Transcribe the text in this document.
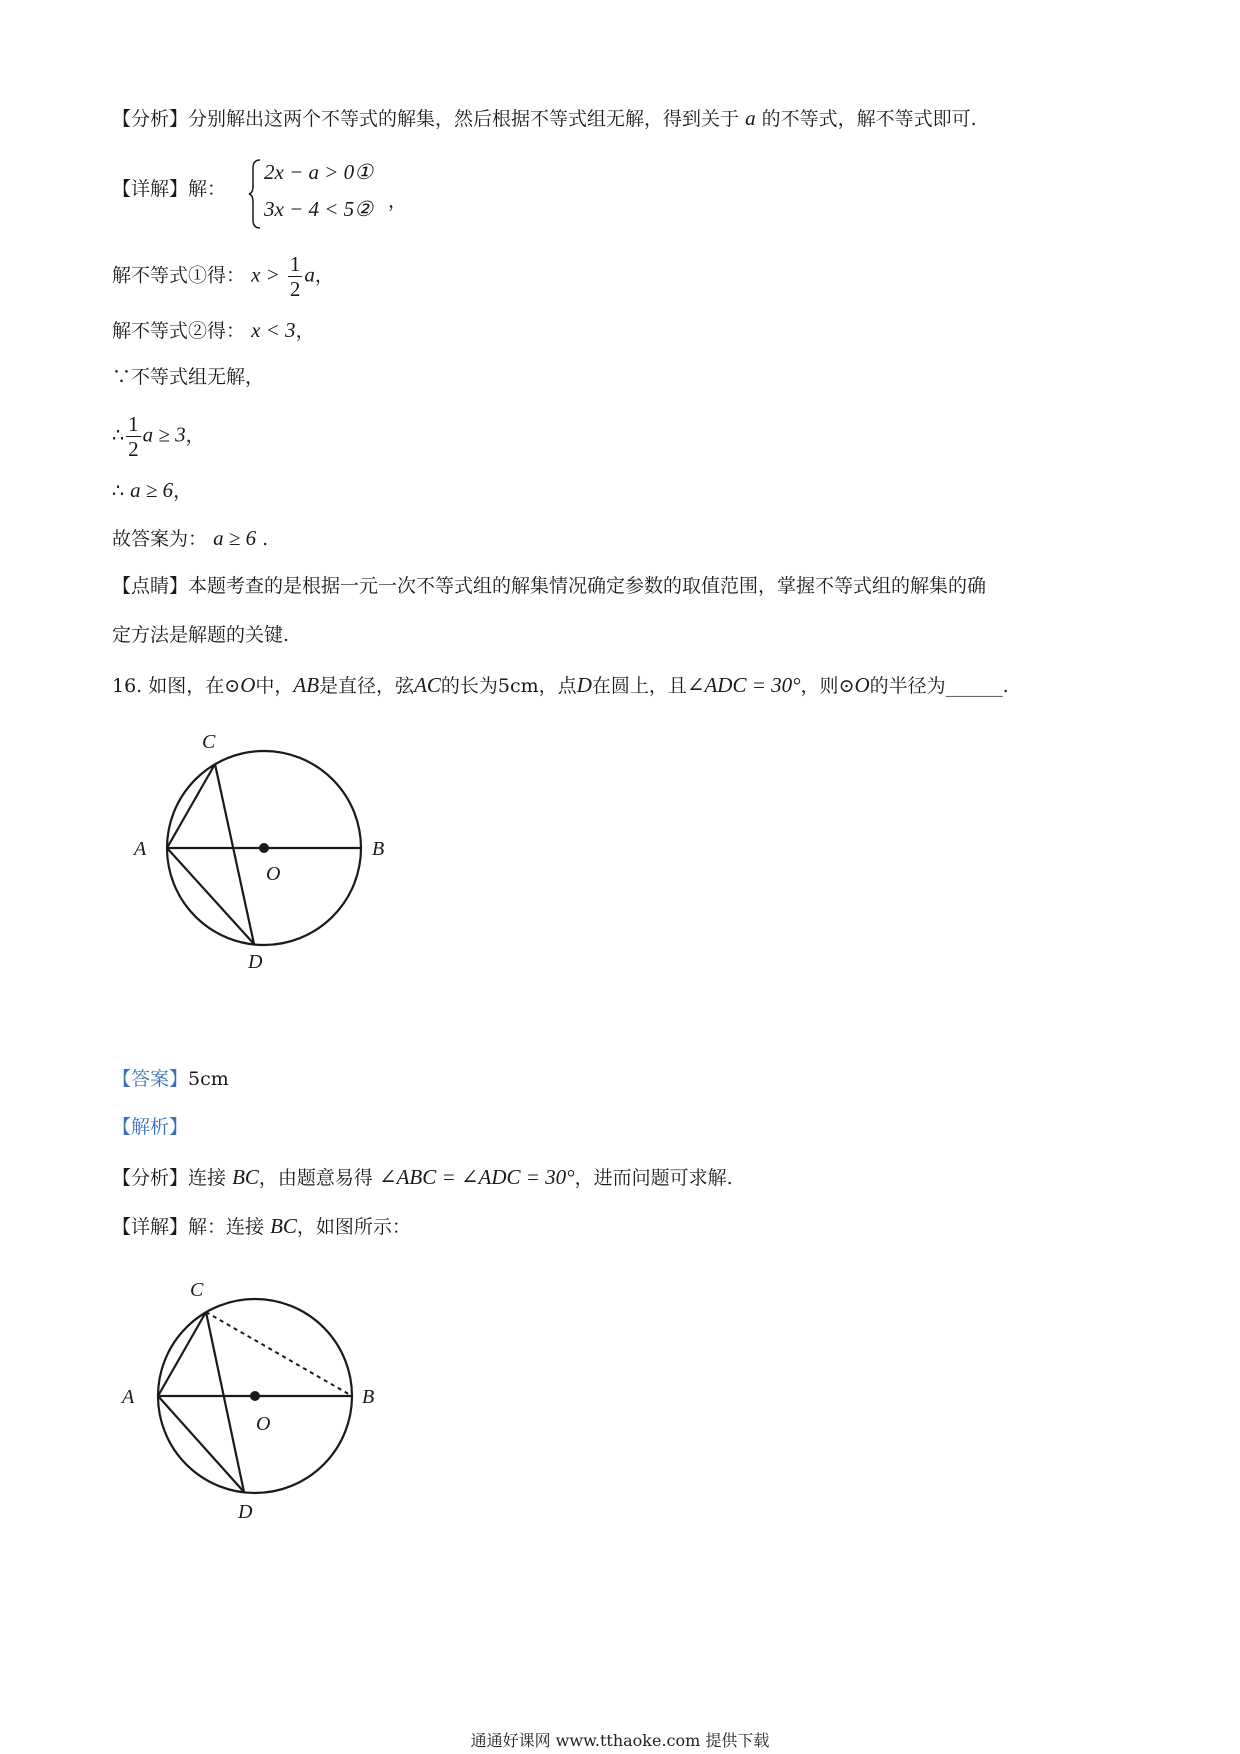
【分析】分别解出这两个不等式的解集，然后根据不等式组无解，得到关于 a 的不等式，解不等式即可.
【详解】解：
2x − a > 0①
3x − 4 < 5② ，
解不等式①得： $x > \frac{1}{2}$ a，
解不等式②得： x < 3，
∵不等式组无解，
∴ $\frac{1}{2}$ a ≥ 3，
∴ a ≥ 6，
故答案为： a ≥ 6 .
【点睛】本题考查的是根据一元一次不等式组的解集情况确定参数的取值范围，掌握不等式组的解集的确
定方法是解题的关键.
16. 如图，在⊙O中，AB是直径，弦AC的长为5cm，点D在圆上，且∠ADC = 30°，则⊙O的半径为______.
C
A	B
O
D
【答案】5cm
【解析】
【分析】连接 BC，由题意易得 ∠ABC = ∠ADC = 30°，进而问题可求解.
【详解】解：连接 BC，如图所示：
C
A	B
O
D
通通好课网 www.tthaoke.com 提供下载
